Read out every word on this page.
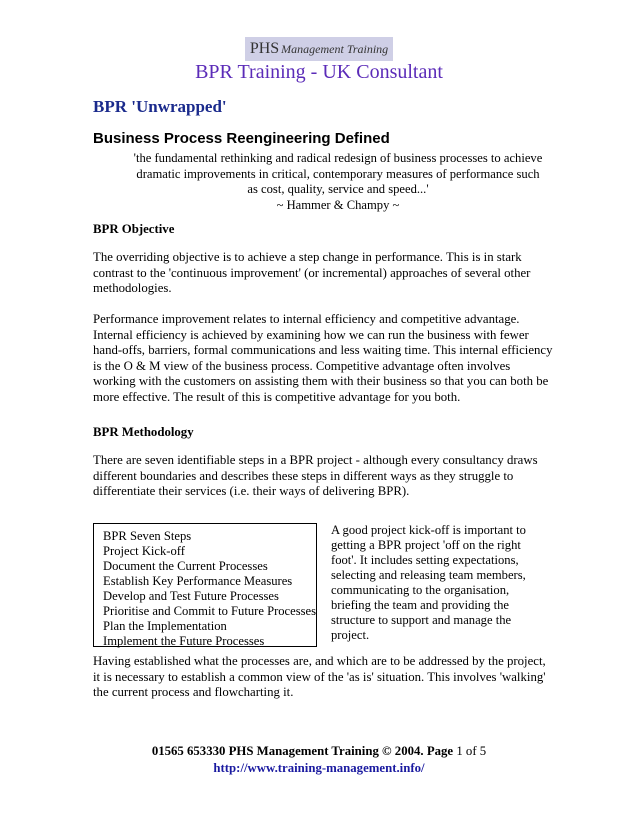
PHS Management Training
BPR Training - UK Consultant
BPR 'Unwrapped'
Business Process Reengineering Defined
'the fundamental rethinking and radical redesign of business processes to achieve
dramatic improvements in critical, contemporary measures of performance such
as cost, quality, service and speed...'
~ Hammer & Champy ~
BPR Objective
The overriding objective is to achieve a step change in performance. This is in stark
contrast to the 'continuous improvement' (or incremental) approaches of several other
methodologies.
Performance improvement relates to internal efficiency and competitive advantage.
Internal efficiency is achieved by examining how we can run the business with fewer
hand-offs, barriers, formal communications and less waiting time. This internal efficiency
is the O & M view of the business process. Competitive advantage often involves
working with the customers on assisting them with their business so that you can both be
more effective. The result of this is competitive advantage for you both.
BPR Methodology
There are seven identifiable steps in a BPR project - although every consultancy draws
different boundaries and describes these steps in different ways as they struggle to
differentiate their services (i.e. their ways of delivering BPR).
BPR Seven Steps
Project Kick-off
Document the Current Processes
Establish Key Performance Measures
Develop and Test Future Processes
Prioritise and Commit to Future Processes
Plan the Implementation
Implement the Future Processes
A good project kick-off is important to
getting a BPR project 'off on the right
foot'. It includes setting expectations,
selecting and releasing team members,
communicating to the organisation,
briefing the team and providing the
structure to support and manage the
project.
Having established what the processes are, and which are to be addressed by the project,
it is necessary to establish a common view of the 'as is' situation. This involves 'walking'
the current process and flowcharting it.
01565 653330 PHS Management Training © 2004. Page 1 of 5
http://www.training-management.info/
